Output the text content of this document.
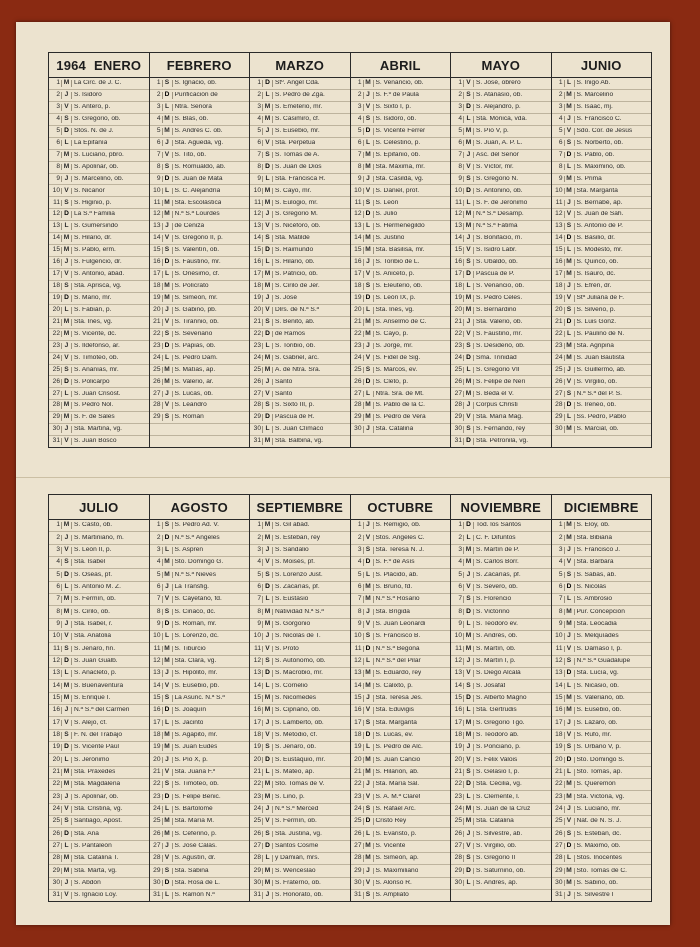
1964 ENERO
1 M La Circ. de J. C.
2 J S. Isidoro
3 V S. Antero, p.
4 S S. Gregorio, ob.
5 D Stos. N. de J.
6 L La Epifanía
7 M S. Luciano, pbro.
8 M S. Apolinar, ob.
9 J S. Marcelino, ob.
10 V S. Nicanor
11 S S. Higinio, p.
12 D La S.ª Familia
13 L S. Gumersindo
14 M S. Hilario, dr.
15 M S. Pablo, erm.
16 J S. Fulgencio, dr.
17 V S. Antonio, abad.
18 S Sta. Aprisca, vg.
19 D S. Mario, mr.
20 L S. Fabián, p.
21 M Sta. Inés, vg.
22 M S. Vicente, dc.
23 J S. Ildefonso, ar.
24 V S. Timoteo, ob.
25 S S. Ananías, mr.
26 D S. Policarpo
27 L S. Juan Crisóst.
28 M S. Pedro Nol.
29 M S. F. de Sales
30 J Sta. Martina, vg.
31 V S. Juan Bosco
FEBRERO
1 S S. Ignacio, ob.
2 D Purificación de
3 L Ntra. Señora
4 M S. Blas, ob.
5 M S. Andrés C. ob.
6 J Sta. Águeda, vg.
7 V S. Tito, ob.
8 S S. Romualdo, ab.
9 D S. Juan de Mata
10 L S. C. Alejandría
11 M Sta. Escolástica
12 M N.ª S.ª Lourdes
13 J de Ceniza
14 V S. Gregorio II, p.
15 S S. Valentín, ob.
16 D S. Faustino, mr.
17 L S. Onésimo, cf.
18 M S. Polícrato
19 M S. Simeón, mr.
20 J S. Gabino, pb.
21 V S. Tirannio, ob.
22 S S. Severiano
23 D S. Papias, ob.
24 L S. Pedro Dam.
25 M S. Matías, ap.
26 M S. Valerio, ar.
27 J S. Lucas, ob.
28 V S. Leandro
29 S S. Román
MARZO
1 D Stº. Angel Cda.
2 L S. Pedro de Zga.
3 M S. Emeterio, mr.
4 M S. Casimiro, cf.
5 J S. Eusebio, mr.
6 V Sta. Perpetua
7 S S. Tomás de A.
8 D S. Juan de Dios
9 L Sta. Francisca R.
10 M S. Cayo, mr.
11 M S. Eulogio, mr.
12 J S. Gregorio M.
13 V S. Nicéforo, ob.
14 S Sta. Matilde
15 D S. Raimundo
16 L S. Hilario, ob.
17 M S. Patricio, ob.
18 M S. Cirilo de Jer.
19 J S. José
20 V Dlrs. de N.ª S.ª
21 S S. Benito, ab.
22 D de Ramos
23 L S. Toribio, ob.
24 M S. Gabriel, arc.
25 M A. de Ntra. Sra.
26 J Santo
27 V Santo
28 S S. Sixto III, p.
29 D Pascua de R.
30 L S. Juan Clímaco
31 M Sta. Balbina, vg.
ABRIL
1 M S. Venancio, ob.
2 J S. F.º de Paula
3 V S. Sixto I, p.
4 S S. Isidoro, ob.
5 D S. Vicente Ferrer
6 L S. Celestino, p.
7 M S. Epifanio, ob.
8 M Sta. Máxima, mr.
9 J Sta. Casilda, vg.
10 V S. Daniel, prof.
11 S S. León
12 D S. Julio
13 L S. Hermenegildo
14 M S. Justino
15 M Sta. Basilisa, mr.
16 J S. Toribio de L.
17 V S. Aniceto, p.
18 S S. Eleuterio, ob.
19 D S. León IX, p.
20 L Sta. Inés, vg.
21 M S. Anselmo de C.
22 M S. Cayo, p.
23 J S. Jorge, mr.
24 V S. Fidel de Sig.
25 S S. Marcos, ev.
26 D S. Cleto, p.
27 L Ntra. Sra. de Mt.
28 M S. Pablo de la C.
29 M S. Pedro de Vera
30 J Sta. Catalina
MAYO
1 V S. José, obrero
2 S S. Atanasio, ob.
3 D S. Alejandro, p.
4 L Sta. Mónica, vda.
5 M S. Pío V, p.
6 M S. Juan, A. P. L.
7 J Asc. del Señor
8 V S. Víctor, mr.
9 S S. Gregorio N.
10 D S. Antonino, ob.
11 L S. F. de Jerónimo
12 M N.ª S.ª Desamp.
13 M N.ª S.ª Fátima
14 J S. Bonifacio, m.
15 V S. Isidro Labr.
16 S S. Ubaldo, ob.
17 D Pascua de P.
18 L S. Venancio, ob.
19 M S. Pedro Celes.
20 M S. Bernardino
21 J Sta. Valerio, ob.
22 V S. Faustino, mr.
23 S S. Desiderio, ob.
24 D Sma. Trinidad
25 L S. Gregorio VII
26 M S. Felipe de Neri
27 M S. Beda el V.
28 J Corpus Christi
29 V Sta. María Mag.
30 S S. Fernando, rey
31 D Sta. Petronila, vg.
JUNIO
1 L S. Iñigo Ab.
2 M S. Marcelino
3 M S. Isaac, mj.
4 J S. Francisco C.
5 V Sdo. Cor. de Jesús
6 S S. Norberto, ob.
7 D S. Pablo, ob.
8 L S. Maximino, ob.
9 M S. Prima
10 M Sta. Margarita
11 J S. Bernabé, ap.
12 V S. Juan de Sah.
13 S S. Antonio de P.
14 D S. Basilio, dr.
15 L S. Modesto, mr.
16 M S. Quirico, ob.
17 M S. Isauro, dc.
18 J S. Efrén, dr.
19 V Stª Juliana de F.
20 S S. Silverio, p.
21 D S. Luis Gonz.
22 L S. Paulino de N.
23 M Sta. Agripina
24 M S. Juan Bautista
25 J S. Guillermo, ab.
26 V S. Virgilio, ob.
27 S N.ª S.ª del P. S.
28 D S. Ireneo, ob.
29 L Ss. Pedro, Pablo
30 M S. Marcial, ob.
JULIO
1 M S. Casto, ob.
2 J S. Martiniano, m.
3 V S. León II, p.
4 S Sta. Isabel
5 D S. Oseas, pf.
6 L S. Antonio M. Z.
7 M S. Fermín, ob.
8 M S. Cirilo, ob.
9 J Sta. Isabel, r.
10 V Sta. Anatolia
11 S S. Jenaro, hn.
12 D S. Juan Gualb.
13 L S. Anacleto, p.
14 M S. Buenaventura
15 M S. Enrique I.
16 J N.ª S.ª del Carmen
17 V S. Alejo, cf.
18 S F. N. del Trabajo
19 D S. Vicente Paúl
20 L S. Jerónimo
21 M Sta. Práxedes
22 M Sta. Magdalena
23 J S. Apolinar, ob.
24 V Sta. Cristina, vg.
25 S Santiago, Apost.
26 D Sta. Ana
27 L S. Pantaleón
28 M Sta. Catalina T.
29 M Sta. Marta, vg.
30 J S. Abdón
31 V S. Ignacio Loy.
AGOSTO
1 S S. Pedro Ad. V.
2 D N.ª S.ª Ángeles
3 L S. Aspren
4 M Sto. Domingo G.
5 M N.ª S.ª Nieves
6 J La Transfig.
7 V S. Cayetano, fd.
8 S S. Ciriaco, dc.
9 D S. Román, mr.
10 L S. Lorenzo, dc.
11 M S. Tiburcio
12 M Sta. Clara, vg.
13 J S. Hipólito, mr.
14 V S. Eusebio, pb.
15 S La Asunc. N.ª S.ª
16 D S. Joaquín
17 L S. Jacinto
18 M S. Agapito, mr.
19 M S. Juan Eudes
20 J S. Pío X, p.
21 V Sta. Juana F.ª
22 S S. Timoteo, ob.
23 D S. Felipe Benic.
24 L S. Bartolomé
25 M Sta. María M.
26 M S. Ceferino, p.
27 J S. José Calas.
28 V S. Agustín, dr.
29 S Sta. Sabina
30 D Sta. Rosa de L.
31 L S. Ramón N.ª
SEPTIEMBRE
1 M S. Gil abad.
2 M S. Esteban, rey
3 J S. Sandalio
4 V S. Moisés, pf.
5 S S. Lorenzo Just.
6 D S. Zacarías, pf.
7 L S. Eustasio
8 M Natividad N.ª S.ª
9 M S. Gorgonio
10 J S. Nicolás de T.
11 V S. Proto
12 S S. Autónomo, ob.
13 D S. Macrobio, mr.
14 L S. Cornelio
15 M S. Nicomedes
16 M S. Cipriano, ob.
17 J S. Lamberto, ob.
18 V S. Metodio, cf.
19 S S. Jenaro, ob.
20 D S. Eustaquio, mr.
21 L S. Mateo, ap.
22 M Sto. Tomás de V.
23 M S. Lino, p.
24 J N.ª S.ª Merced
25 V S. Fermín, ob.
26 S Sta. Justina, vg.
27 D Santos Cosme
28 L y Damián, mrs.
29 M S. Wenceslao
30 M S. Fraterno, ob.
31 J S. Honorato, ob.
OCTUBRE
1 J S. Remigio, ob.
2 V Stos. Ángeles C.
3 S Sta. Teresa N. J.
4 D S. F.º de Asís
5 L S. Plácido, ab.
6 M S. Bruno, fd.
7 M N.ª S.ª Rosario
8 J Sta. Brígida
9 V S. Juan Leonardi
10 S S. Francisco B.
11 D N.ª S.ª Begoña
12 L N.ª S.ª del Pilar
13 M S. Eduardo, rey
14 M S. Calixto, p.
15 J Sta. Teresa Jes.
16 V Sta. Eduvigis
17 S Sta. Margarita
18 D S. Lucas, ev.
19 L S. Pedro de Alc.
20 M S. Juan Cancio
21 M S. Hilarión, ab.
22 J Sta. María Sal.
23 V S. A. M.ª Claret
24 S S. Rafael Arc.
25 D Cristo Rey
26 L S. Evaristo, p.
27 M S. Vicente
28 M S. Simeón, ap.
29 J S. Maximiliano
30 V S. Alonso R.
31 S S. Ampliato
NOVIEMBRE
1 D Tod. los Santos
2 L C. F. Difuntos
3 M S. Martín de P.
4 M S. Carlos Borr.
5 J S. Zacarías, pf.
6 V S. Severo, ob.
7 S S. Florencio
8 D S. Victorino
9 L S. Teodoro ev.
10 M S. Andrés, ob.
11 M S. Martín, ob.
12 J S. Martín I, p.
13 V S. Diego Alcalá
14 S S. Josafat
15 D S. Alberto Magno
16 L Sta. Gertrudis
17 M S. Gregorio Tgo.
18 M S. Teodoro ab.
19 J S. Ponciano, p.
20 V S. Félix Valois
21 S S. Gelasio I, p.
22 D Sta. Cecilia, vg.
23 L S. Clemente, I.
24 M S. Juan de la Cruz
25 M Sta. Catalina
26 J S. Silvestre, ab.
27 V S. Virgilio, ob.
28 S S. Gregorio II
29 D S. Saturnino, ob.
30 L S. Andrés, ap.
DICIEMBRE
1 M S. Eloy, ob.
2 M Sta. Bibiana
3 J S. Francisco J.
4 V Sta. Bárbara
5 S S. Sabas, ab.
6 D S. Nicolás
7 L S. Ambrosio
8 M Pur. Concepción
9 M Sta. Leocadia
10 J S. Melquíades
11 V S. Dámaso I, p.
12 S N.ª S.ª Guadalupe
13 D Sta. Lucía, vg.
14 L S. Nicasio, ob.
15 M S. Valeriano, ob.
16 M S. Eusebio, ob.
17 J S. Lázaro, ob.
18 V S. Rufo, mr.
19 S S. Urbano V, p.
20 D Sto. Domingo S.
21 L Sto. Tomás, ap.
22 M S. Queremón
23 M Sta. Victoria, vg.
24 J S. Luciano, mr.
25 V Nat. de N. S. J.
26 S S. Esteban, dc.
27 D S. Máximo, ob.
28 L Stos. Inocentes
29 M Sto. Tomás de C.
30 M S. Sabino, ob.
31 J S. Silvestre I
